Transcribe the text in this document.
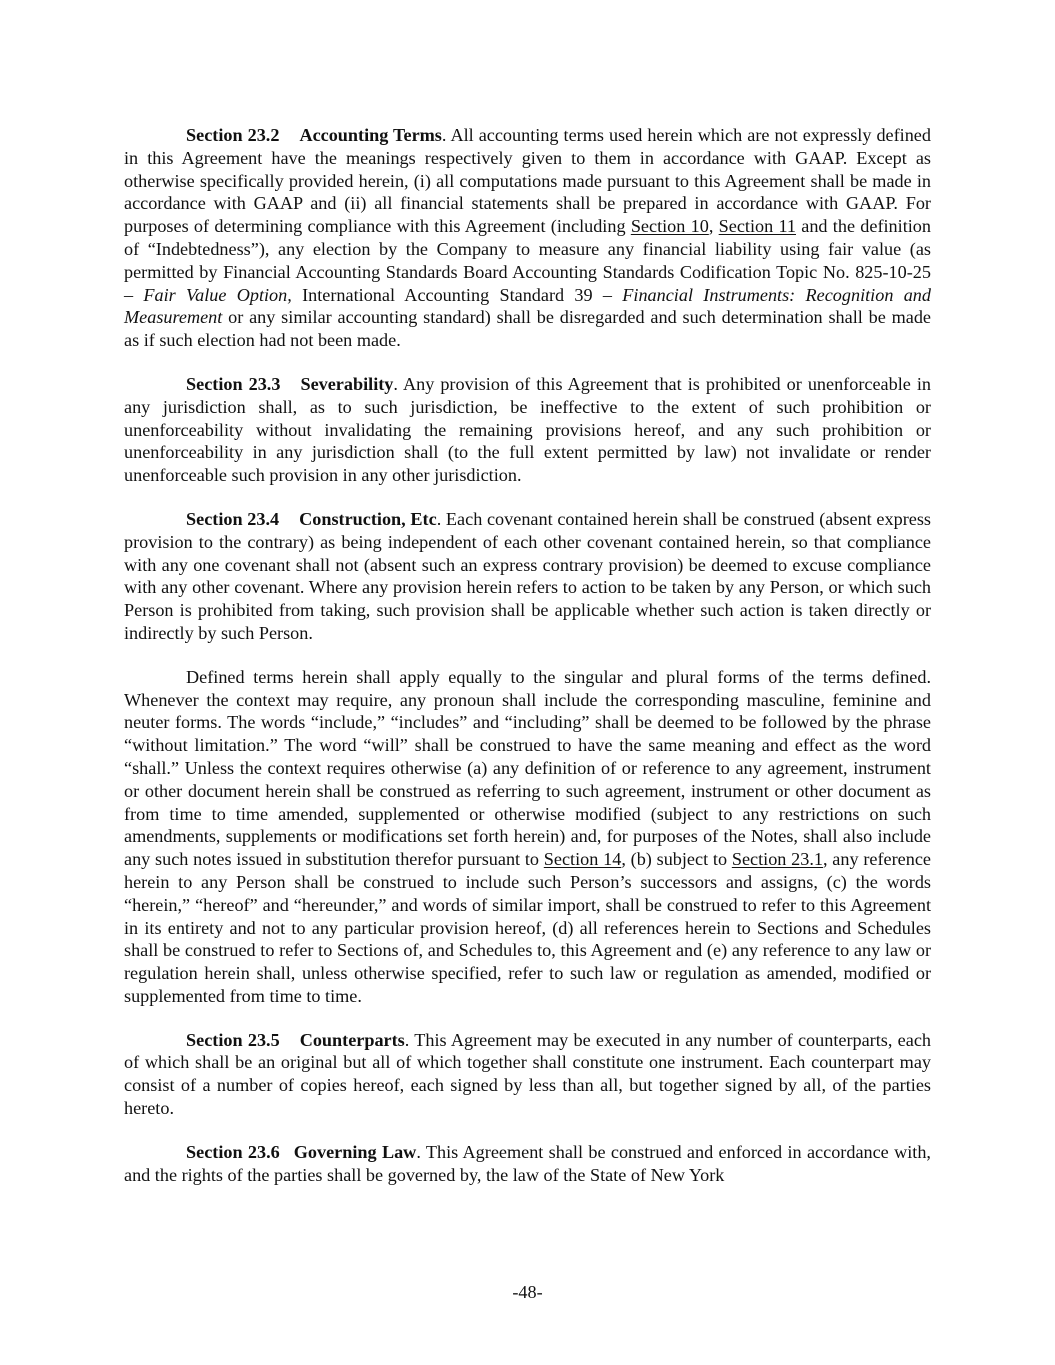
Section 23.2 Accounting Terms. All accounting terms used herein which are not expressly defined in this Agreement have the meanings respectively given to them in accordance with GAAP. Except as otherwise specifically provided herein, (i) all computations made pursuant to this Agreement shall be made in accordance with GAAP and (ii) all financial statements shall be prepared in accordance with GAAP. For purposes of determining compliance with this Agreement (including Section 10, Section 11 and the definition of “Indebtedness”), any election by the Company to measure any financial liability using fair value (as permitted by Financial Accounting Standards Board Accounting Standards Codification Topic No. 825-10-25 – Fair Value Option, International Accounting Standard 39 – Financial Instruments: Recognition and Measurement or any similar accounting standard) shall be disregarded and such determination shall be made as if such election had not been made.

Section 23.3 Severability. Any provision of this Agreement that is prohibited or unenforceable in any jurisdiction shall, as to such jurisdiction, be ineffective to the extent of such prohibition or unenforceability without invalidating the remaining provisions hereof, and any such prohibition or unenforceability in any jurisdiction shall (to the full extent permitted by law) not invalidate or render unenforceable such provision in any other jurisdiction.

Section 23.4 Construction, Etc. Each covenant contained herein shall be construed (absent express provision to the contrary) as being independent of each other covenant contained herein, so that compliance with any one covenant shall not (absent such an express contrary provision) be deemed to excuse compliance with any other covenant. Where any provision herein refers to action to be taken by any Person, or which such Person is prohibited from taking, such provision shall be applicable whether such action is taken directly or indirectly by such Person.

Defined terms herein shall apply equally to the singular and plural forms of the terms defined. Whenever the context may require, any pronoun shall include the corresponding masculine, feminine and neuter forms. The words “include,” “includes” and “including” shall be deemed to be followed by the phrase “without limitation.” The word “will” shall be construed to have the same meaning and effect as the word “shall.” Unless the context requires otherwise (a) any definition of or reference to any agreement, instrument or other document herein shall be construed as referring to such agreement, instrument or other document as from time to time amended, supplemented or otherwise modified (subject to any restrictions on such amendments, supplements or modifications set forth herein) and, for purposes of the Notes, shall also include any such notes issued in substitution therefor pursuant to Section 14, (b) subject to Section 23.1, any reference herein to any Person shall be construed to include such Person’s successors and assigns, (c) the words “herein,” “hereof” and “hereunder,” and words of similar import, shall be construed to refer to this Agreement in its entirety and not to any particular provision hereof, (d) all references herein to Sections and Schedules shall be construed to refer to Sections of, and Schedules to, this Agreement and (e) any reference to any law or regulation herein shall, unless otherwise specified, refer to such law or regulation as amended, modified or supplemented from time to time.

Section 23.5 Counterparts. This Agreement may be executed in any number of counterparts, each of which shall be an original but all of which together shall constitute one instrument. Each counterpart may consist of a number of copies hereof, each signed by less than all, but together signed by all, of the parties hereto.

Section 23.6 Governing Law. This Agreement shall be construed and enforced in accordance with, and the rights of the parties shall be governed by, the law of the State of New York

-48-
